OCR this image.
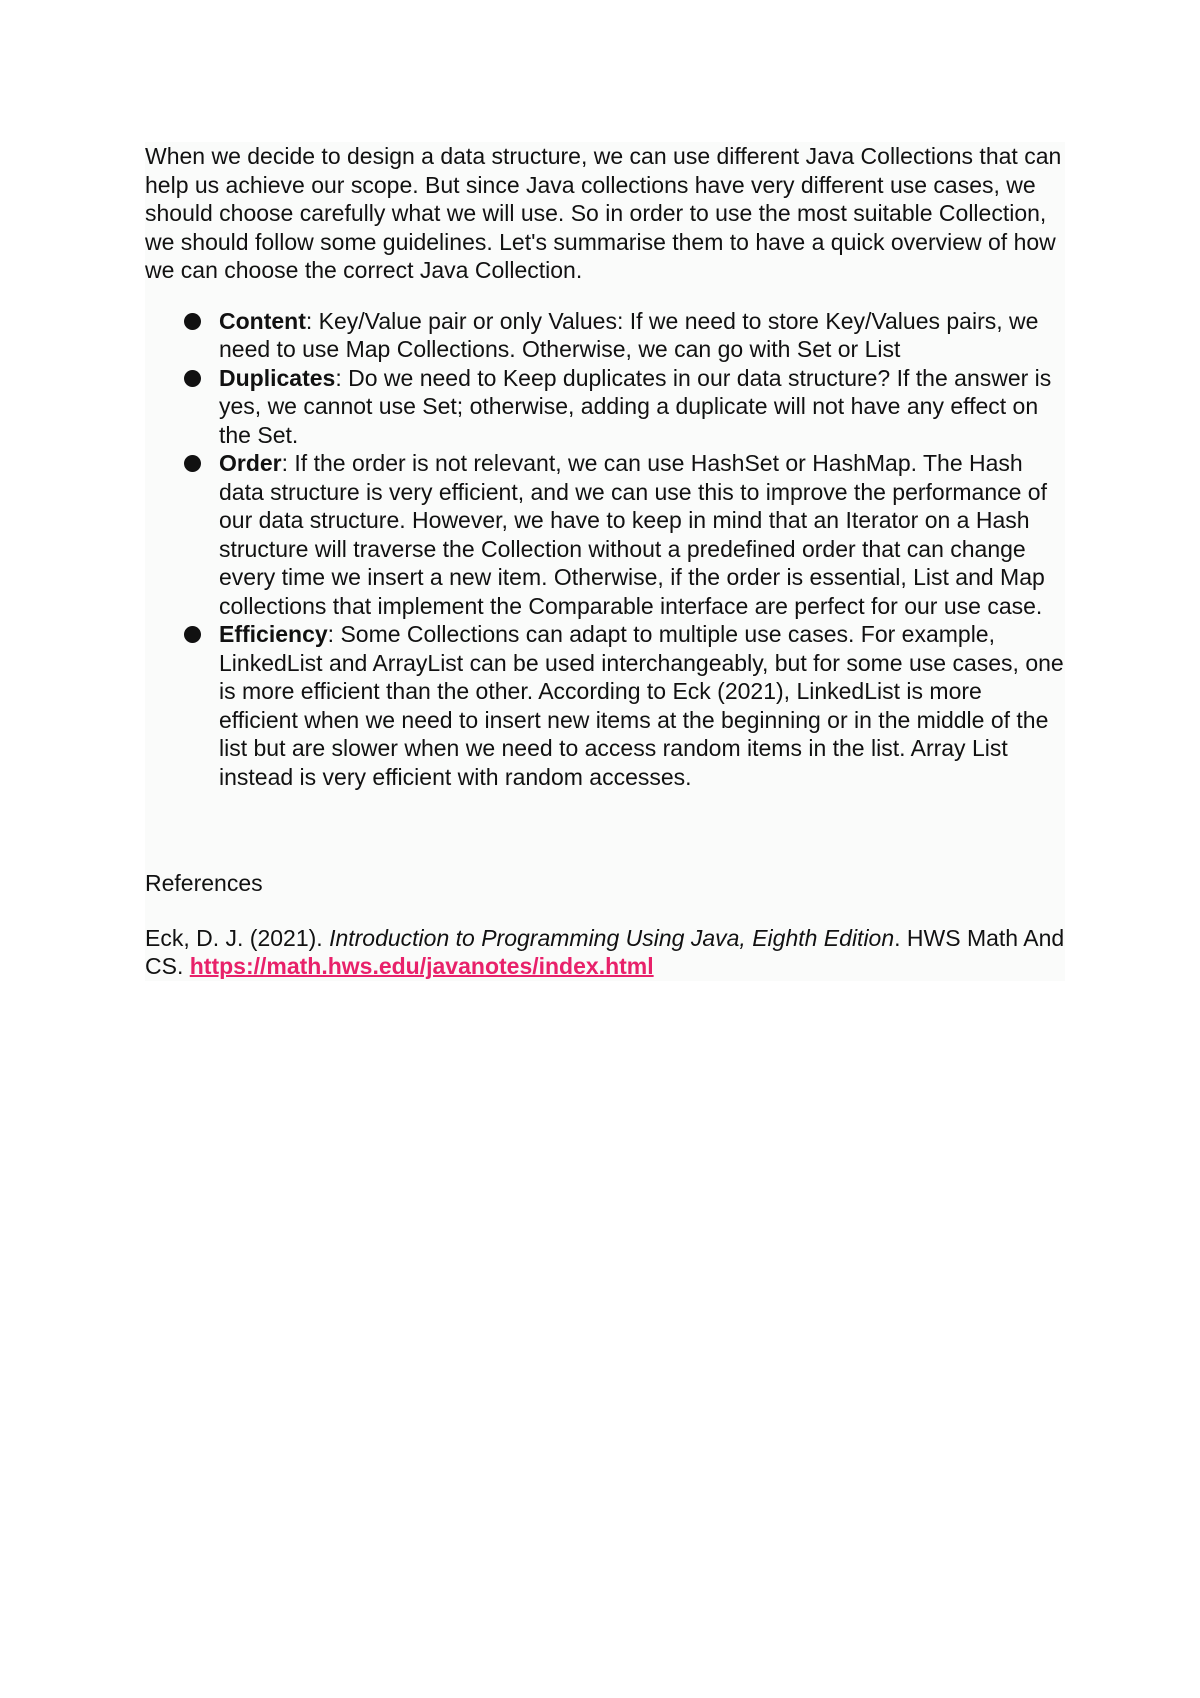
When we decide to design a data structure, we can use different Java Collections that can help us achieve our scope. But since Java collections have very different use cases, we should choose carefully what we will use. So in order to use the most suitable Collection, we should follow some guidelines. Let's summarise them to have a quick overview of how we can choose the correct Java Collection.

Content: Key/Value pair or only Values: If we need to store Key/Values pairs, we need to use Map Collections. Otherwise, we can go with Set or List
Duplicates: Do we need to Keep duplicates in our data structure? If the answer is yes, we cannot use Set; otherwise, adding a duplicate will not have any effect on the Set.
Order: If the order is not relevant, we can use HashSet or HashMap. The Hash data structure is very efficient, and we can use this to improve the performance of our data structure. However, we have to keep in mind that an Iterator on a Hash structure will traverse the Collection without a predefined order that can change every time we insert a new item. Otherwise, if the order is essential, List and Map collections that implement the Comparable interface are perfect for our use case.
Efficiency: Some Collections can adapt to multiple use cases. For example, LinkedList and ArrayList can be used interchangeably, but for some use cases, one is more efficient than the other. According to Eck (2021), LinkedList is more efficient when we need to insert new items at the beginning or in the middle of the list but are slower when we need to access random items in the list. Array List instead is very efficient with random accesses.

References

Eck, D. J. (2021). Introduction to Programming Using Java, Eighth Edition. HWS Math And CS. https://math.hws.edu/javanotes/index.html
